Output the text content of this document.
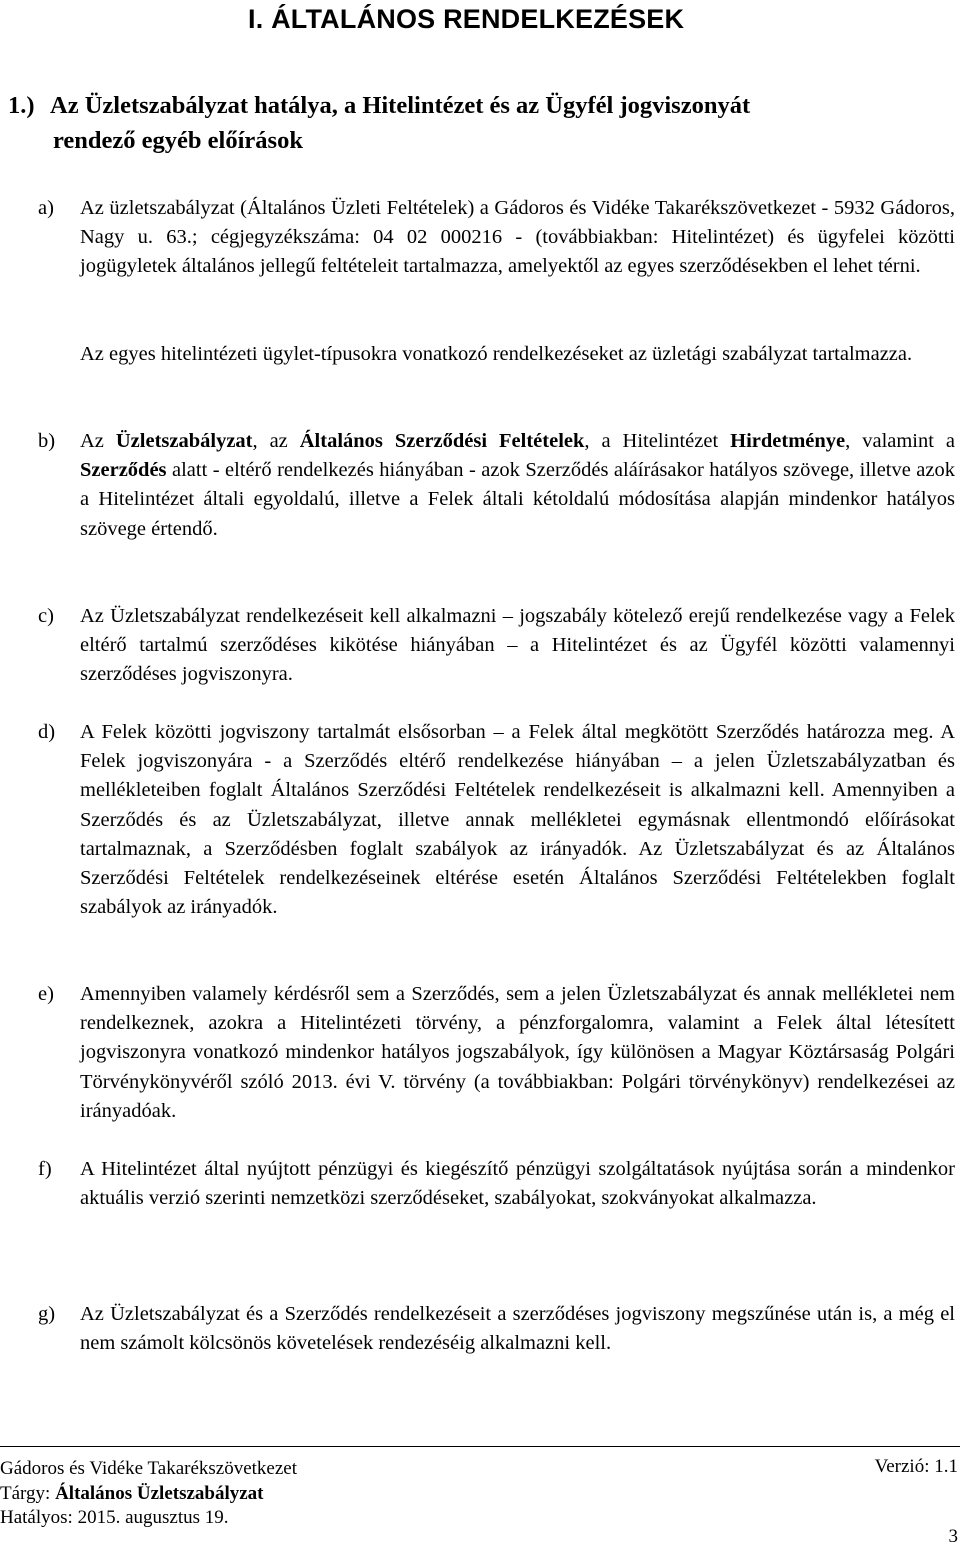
I. ÁLTALÁNOS RENDELKEZÉSEK
1.) Az Üzletszabályzat hatálya, a Hitelintézet és az Ügyfél jogviszonyát
rendező egyéb előírások
a)	Az üzletszabályzat (Általános Üzleti Feltételek) a Gádoros és Vidéke Takarékszövetkezet - 5932 Gádoros, Nagy u. 63.; cégjegyzékszáma: 04 02 000216 - (továbbiakban: Hitelintézet) és ügyfelei közötti jogügyletek általános jellegű feltételeit tartalmazza, amelyektől az egyes szerződésekben el lehet térni.
Az egyes hitelintézeti ügylet-típusokra vonatkozó rendelkezéseket az üzletági szabályzat tartalmazza.
b)	Az Üzletszabályzat, az Általános Szerződési Feltételek, a Hitelintézet Hirdetménye, valamint a Szerződés alatt - eltérő rendelkezés hiányában - azok Szerződés aláírásakor hatályos szövege, illetve azok a Hitelintézet általi egyoldalú, illetve a Felek általi kétoldalú módosítása alapján mindenkor hatályos szövege értendő.
c)	Az Üzletszabályzat rendelkezéseit kell alkalmazni – jogszabály kötelező erejű rendelkezése vagy a Felek eltérő tartalmú szerződéses kikötése hiányában – a Hitelintézet és az Ügyfél közötti valamennyi szerződéses jogviszonyra.
d)	A Felek közötti jogviszony tartalmát elsősorban – a Felek által megkötött Szerződés határozza meg. A Felek jogviszonyára - a Szerződés eltérő rendelkezése hiányában – a jelen Üzletszabályzatban és mellékleteiben foglalt Általános Szerződési Feltételek rendelkezéseit is alkalmazni kell. Amennyiben a Szerződés és az Üzletszabályzat, illetve annak mellékletei egymásnak ellentmondó előírásokat tartalmaznak, a Szerződésben foglalt szabályok az irányadók. Az Üzletszabályzat és az Általános Szerződési Feltételek rendelkezéseinek eltérése esetén Általános Szerződési Feltételekben foglalt szabályok az irányadók.
e)	Amennyiben valamely kérdésről sem a Szerződés, sem a jelen Üzletszabályzat és annak mellékletei nem rendelkeznek, azokra a Hitelintézeti törvény, a pénzforgalomra, valamint a Felek által létesített jogviszonyra vonatkozó mindenkor hatályos jogszabályok, így különösen a Magyar Köztársaság Polgári Törvénykönyvéről szóló 2013. évi V. törvény (a továbbiakban: Polgári törvénykönyv) rendelkezései az irányadóak.
f)	A Hitelintézet által nyújtott pénzügyi és kiegészítő pénzügyi szolgáltatások nyújtása során a mindenkor aktuális verzió szerinti nemzetközi szerződéseket, szabályokat, szokványokat alkalmazza.
g)	Az Üzletszabályzat és a Szerződés rendelkezéseit a szerződéses jogviszony megszűnése után is, a még el nem számolt kölcsönös követelések rendezéséig alkalmazni kell.
Gádoros és Vidéke Takarékszövetkezet
Tárgy: Általános Üzletszabályzat
Hatályos: 2015. augusztus 19.
Verzió: 1.1
3
